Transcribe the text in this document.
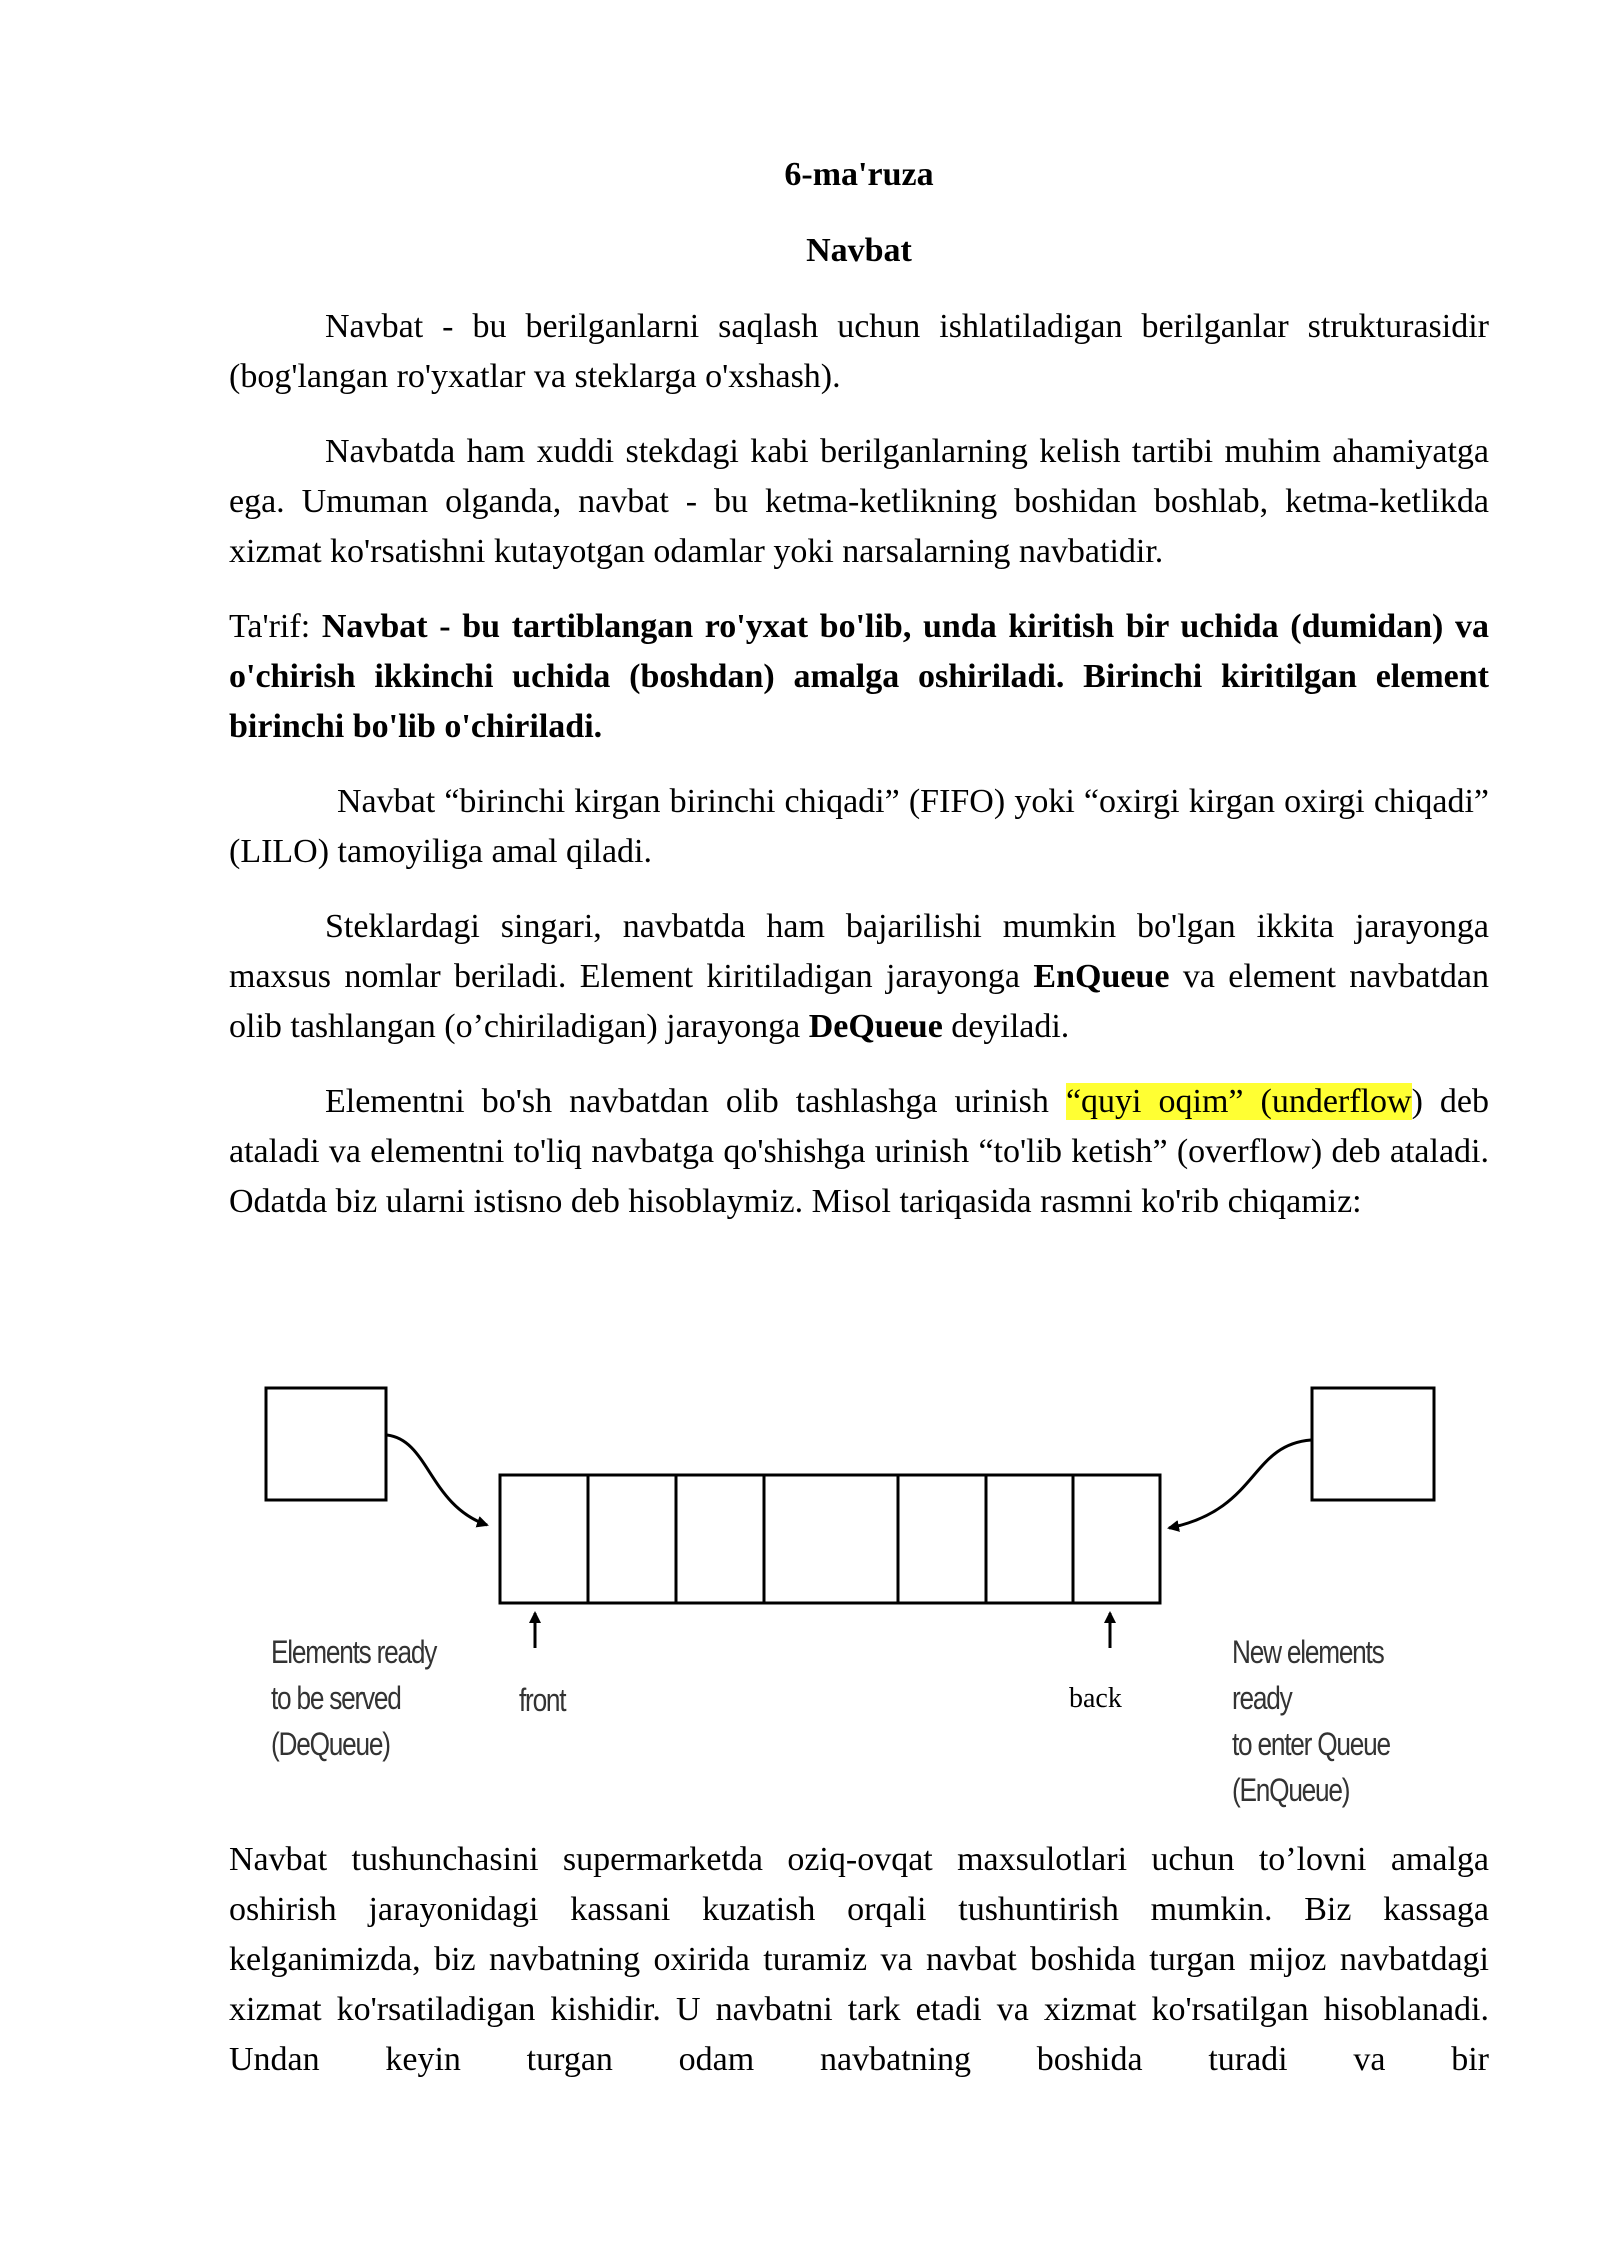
6-ma'ruza
Navbat

Navbat - bu berilganlarni saqlash uchun ishlatiladigan berilganlar strukturasidir (bog'langan ro'yxatlar va steklarga o'xshash).

Navbatda ham xuddi stekdagi kabi berilganlarning kelish tartibi muhim ahamiyatga ega. Umuman olganda, navbat - bu ketma-ketlikning boshidan boshlab, ketma-ketlikda xizmat ko'rsatishni kutayotgan odamlar yoki narsalarning navbatidir.

Ta'rif: Navbat - bu tartiblangan ro'yxat bo'lib, unda kiritish bir uchida (dumidan) va o'chirish ikkinchi uchida (boshdan) amalga oshiriladi. Birinchi kiritilgan element birinchi bo'lib o'chiriladi.

Navbat “birinchi kirgan birinchi chiqadi” (FIFO) yoki “oxirgi kirgan oxirgi chiqadi” (LILO) tamoyiliga amal qiladi.

Steklardagi singari, navbatda ham bajarilishi mumkin bo'lgan ikkita jarayonga maxsus nomlar beriladi. Element kiritiladigan jarayonga EnQueue va element navbatdan olib tashlangan (o’chiriladigan) jarayonga DeQueue deyiladi.

Elementni bo'sh navbatdan olib tashlashga urinish “quyi oqim” (underflow) deb ataladi va elementni to'liq navbatga qo'shishga urinish “to'lib ketish” (overflow) deb ataladi. Odatda biz ularni istisno deb hisoblaymiz. Misol tariqasida rasmni ko'rib chiqamiz:

Elements ready
to be served
(DeQueue)
front	back
New elements ready
to enter Queue
(EnQueue)

Navbat tushunchasini supermarketda oziq-ovqat maxsulotlari uchun to’lovni amalga oshirish jarayonidagi kassani kuzatish orqali tushuntirish mumkin. Biz kassaga kelganimizda, biz navbatning oxirida turamiz va navbat boshida turgan mijoz navbatdagi xizmat ko'rsatiladigan kishidir. U navbatni tark etadi va xizmat ko'rsatilgan hisoblanadi. Undan keyin turgan odam navbatning boshida turadi va bir
